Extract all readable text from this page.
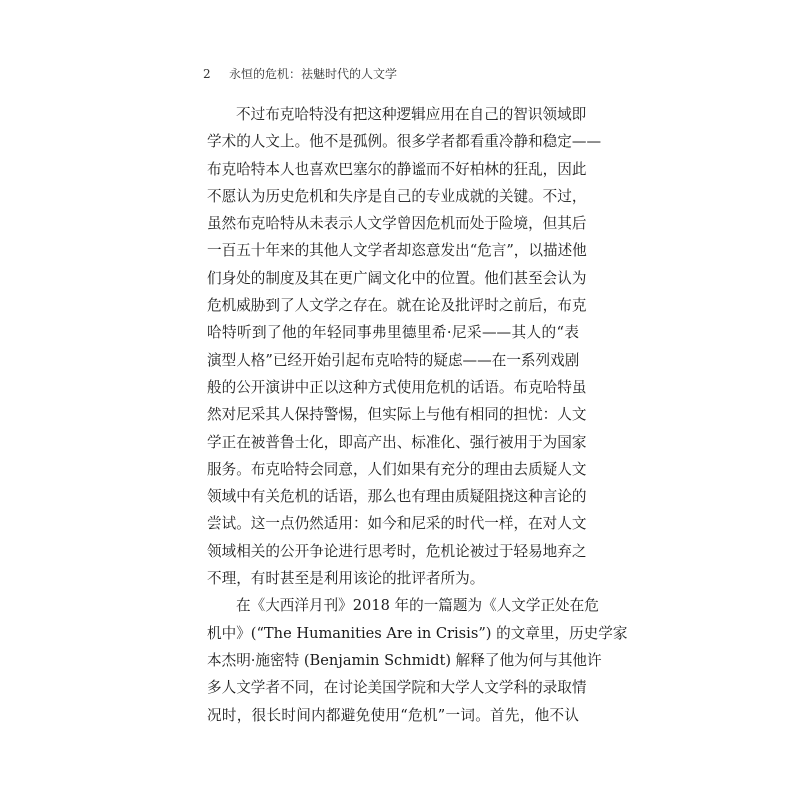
2 永恒的危机：祛魅时代的人文学
不过布克哈特没有把这种逻辑应用在自己的智识领域即
学术的人文上。他不是孤例。很多学者都看重冷静和稳定——
布克哈特本人也喜欢巴塞尔的静谧而不好柏林的狂乱，因此
不愿认为历史危机和失序是自己的专业成就的关键。不过，
虽然布克哈特从未表示人文学曾因危机而处于险境，但其后
一百五十年来的其他人文学者却恣意发出“危言”，以描述他
们身处的制度及其在更广阔文化中的位置。他们甚至会认为
危机威胁到了人文学之存在。就在论及批评时之前后，布克
哈特听到了他的年轻同事弗里德里希·尼采——其人的“表
演型人格”已经开始引起布克哈特的疑虑——在一系列戏剧
般的公开演讲中正以这种方式使用危机的话语。布克哈特虽
然对尼采其人保持警惕，但实际上与他有相同的担忧：人文
学正在被普鲁士化，即高产出、标准化、强行被用于为国家
服务。布克哈特会同意，人们如果有充分的理由去质疑人文
领域中有关危机的话语，那么也有理由质疑阻挠这种言论的
尝试。这一点仍然适用：如今和尼采的时代一样，在对人文
领域相关的公开争论进行思考时，危机论被过于轻易地弃之
不理，有时甚至是利用该论的批评者所为。
在《大西洋月刊》2018 年的一篇题为《人文学正处在危
机中》(“The Humanities Are in Crisis”) 的文章里，历史学家
本杰明·施密特 (Benjamin Schmidt) 解释了他为何与其他许
多人文学者不同，在讨论美国学院和大学人文学科的录取情
况时，很长时间内都避免使用“危机”一词。首先，他不认
